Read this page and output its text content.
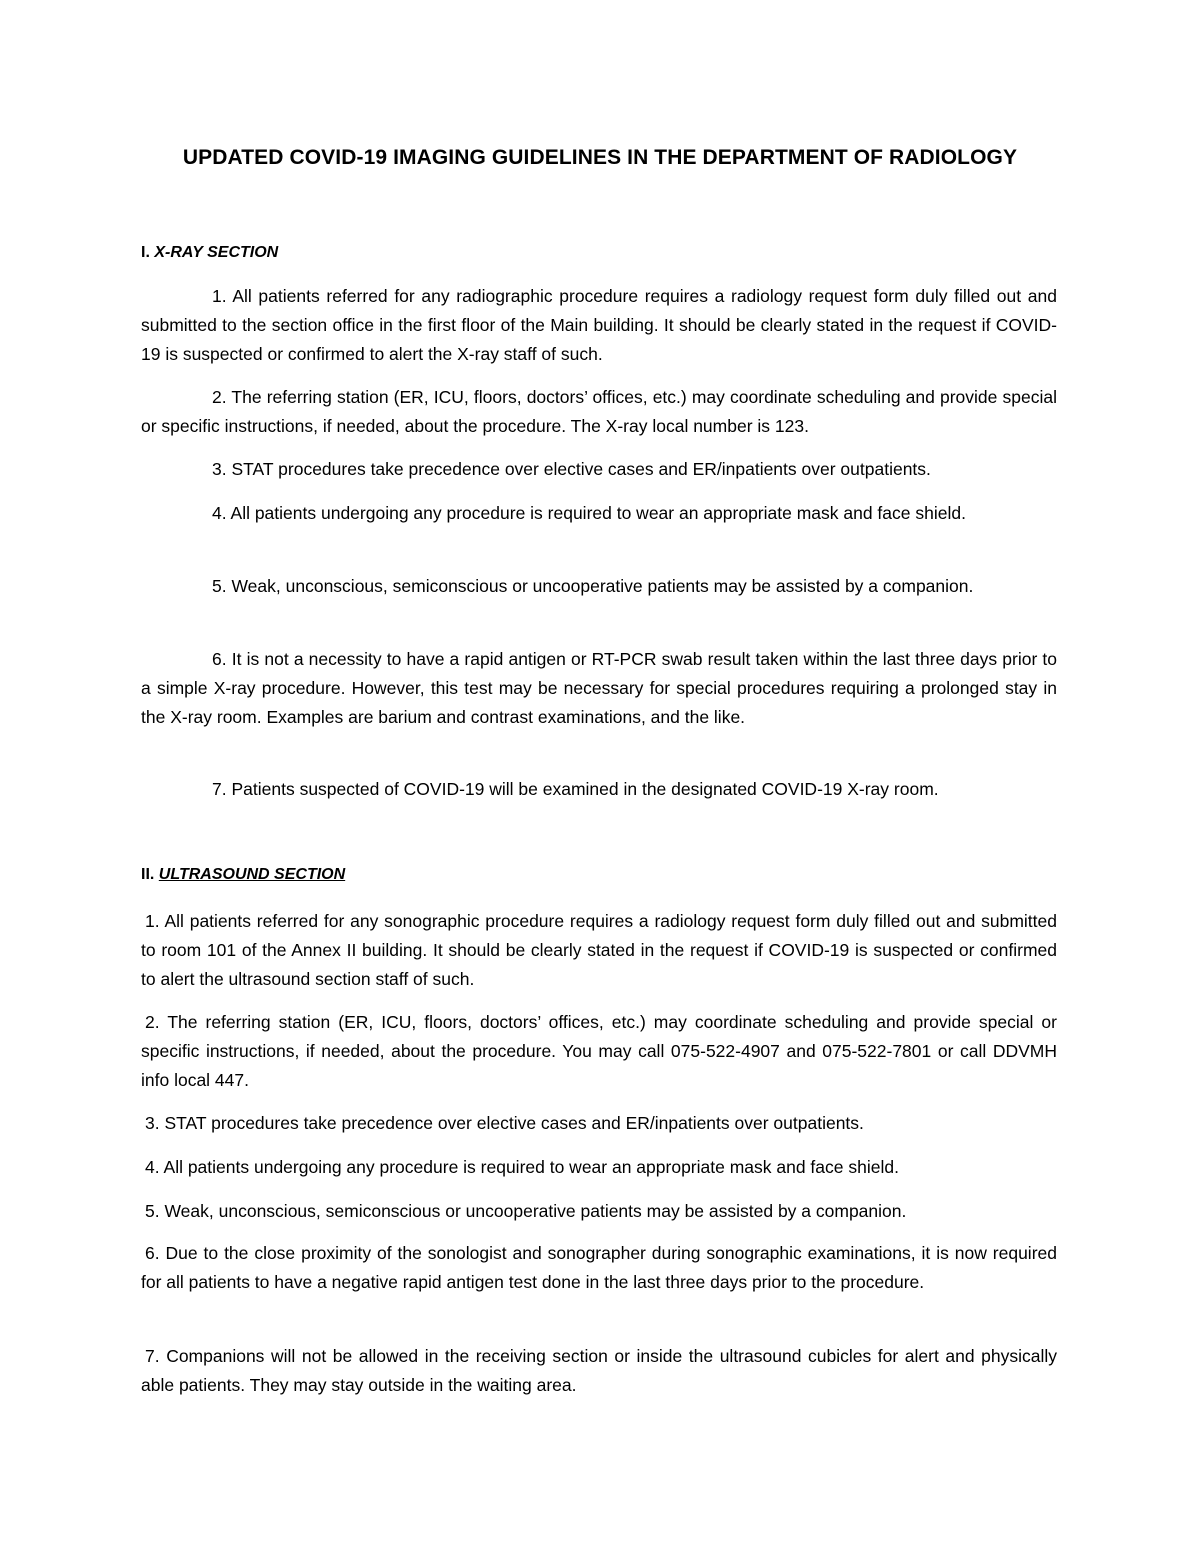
UPDATED COVID-19 IMAGING GUIDELINES IN THE DEPARTMENT OF RADIOLOGY
I. X-RAY SECTION

1. All patients referred for any radiographic procedure requires a radiology request form duly filled out and submitted to the section office in the first floor of the Main building. It should be clearly stated in the request if COVID-19 is suspected or confirmed to alert the X-ray staff of such.

2. The referring station (ER, ICU, floors, doctors’ offices, etc.) may coordinate scheduling and provide special or specific instructions, if needed, about the procedure. The X-ray local number is 123.

3. STAT procedures take precedence over elective cases and ER/inpatients over outpatients.

4. All patients undergoing any procedure is required to wear an appropriate mask and face shield.

5. Weak, unconscious, semiconscious or uncooperative patients may be assisted by a companion.

6. It is not a necessity to have a rapid antigen or RT-PCR swab result taken within the last three days prior to a simple X-ray procedure. However, this test may be necessary for special procedures requiring a prolonged stay in the X-ray room. Examples are barium and contrast examinations, and the like.

7. Patients suspected of COVID-19 will be examined in the designated COVID-19 X-ray room.

II. ULTRASOUND SECTION

1. All patients referred for any sonographic procedure requires a radiology request form duly filled out and submitted to room 101 of the Annex II building. It should be clearly stated in the request if COVID-19 is suspected or confirmed to alert the ultrasound section staff of such.

2. The referring station (ER, ICU, floors, doctors’ offices, etc.) may coordinate scheduling and provide special or specific instructions, if needed, about the procedure. You may call 075-522-4907 and 075-522-7801 or call DDVMH info local 447.

3. STAT procedures take precedence over elective cases and ER/inpatients over outpatients.

4. All patients undergoing any procedure is required to wear an appropriate mask and face shield.

5. Weak, unconscious, semiconscious or uncooperative patients may be assisted by a companion.

6. Due to the close proximity of the sonologist and sonographer during sonographic examinations, it is now required for all patients to have a negative rapid antigen test done in the last three days prior to the procedure.

7. Companions will not be allowed in the receiving section or inside the ultrasound cubicles for alert and physically able patients. They may stay outside in the waiting area.
